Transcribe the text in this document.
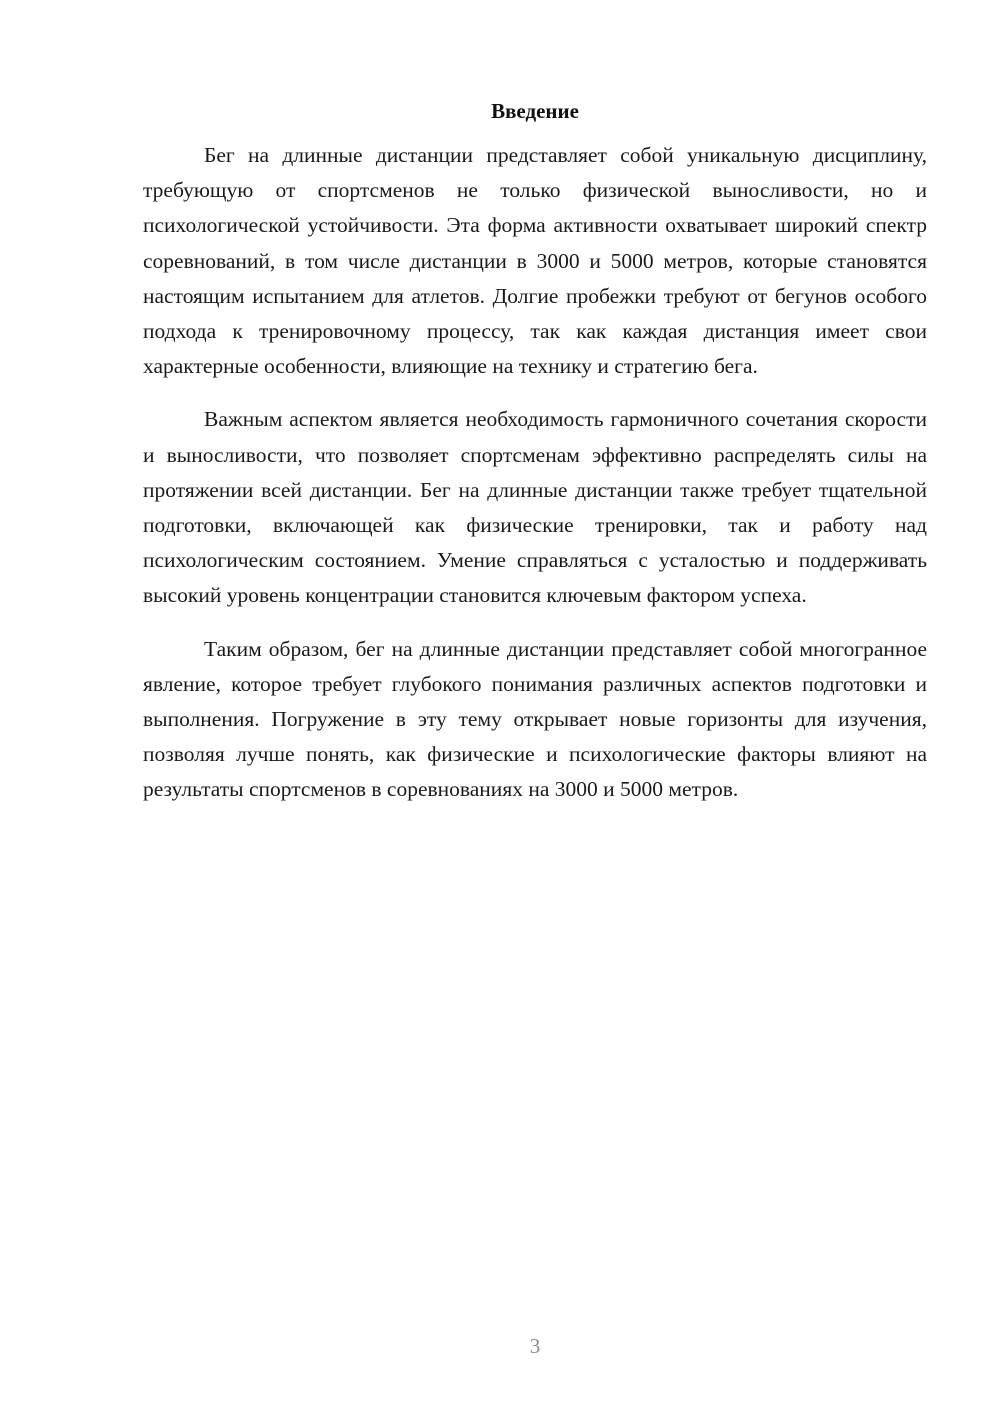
Введение

Бег на длинные дистанции представляет собой уникальную дисциплину, требующую от спортсменов не только физической выносливости, но и психологической устойчивости. Эта форма активности охватывает широкий спектр соревнований, в том числе дистанции в 3000 и 5000 метров, которые становятся настоящим испытанием для атлетов. Долгие пробежки требуют от бегунов особого подхода к тренировочному процессу, так как каждая дистанция имеет свои характерные особенности, влияющие на технику и стратегию бега.

Важным аспектом является необходимость гармоничного сочетания скорости и выносливости, что позволяет спортсменам эффективно распределять силы на протяжении всей дистанции. Бег на длинные дистанции также требует тщательной подготовки, включающей как физические тренировки, так и работу над психологическим состоянием. Умение справляться с усталостью и поддерживать высокий уровень концентрации становится ключевым фактором успеха.

Таким образом, бег на длинные дистанции представляет собой многогранное явление, которое требует глубокого понимания различных аспектов подготовки и выполнения. Погружение в эту тему открывает новые горизонты для изучения, позволяя лучше понять, как физические и психологические факторы влияют на результаты спортсменов в соревнованиях на 3000 и 5000 метров.

3
